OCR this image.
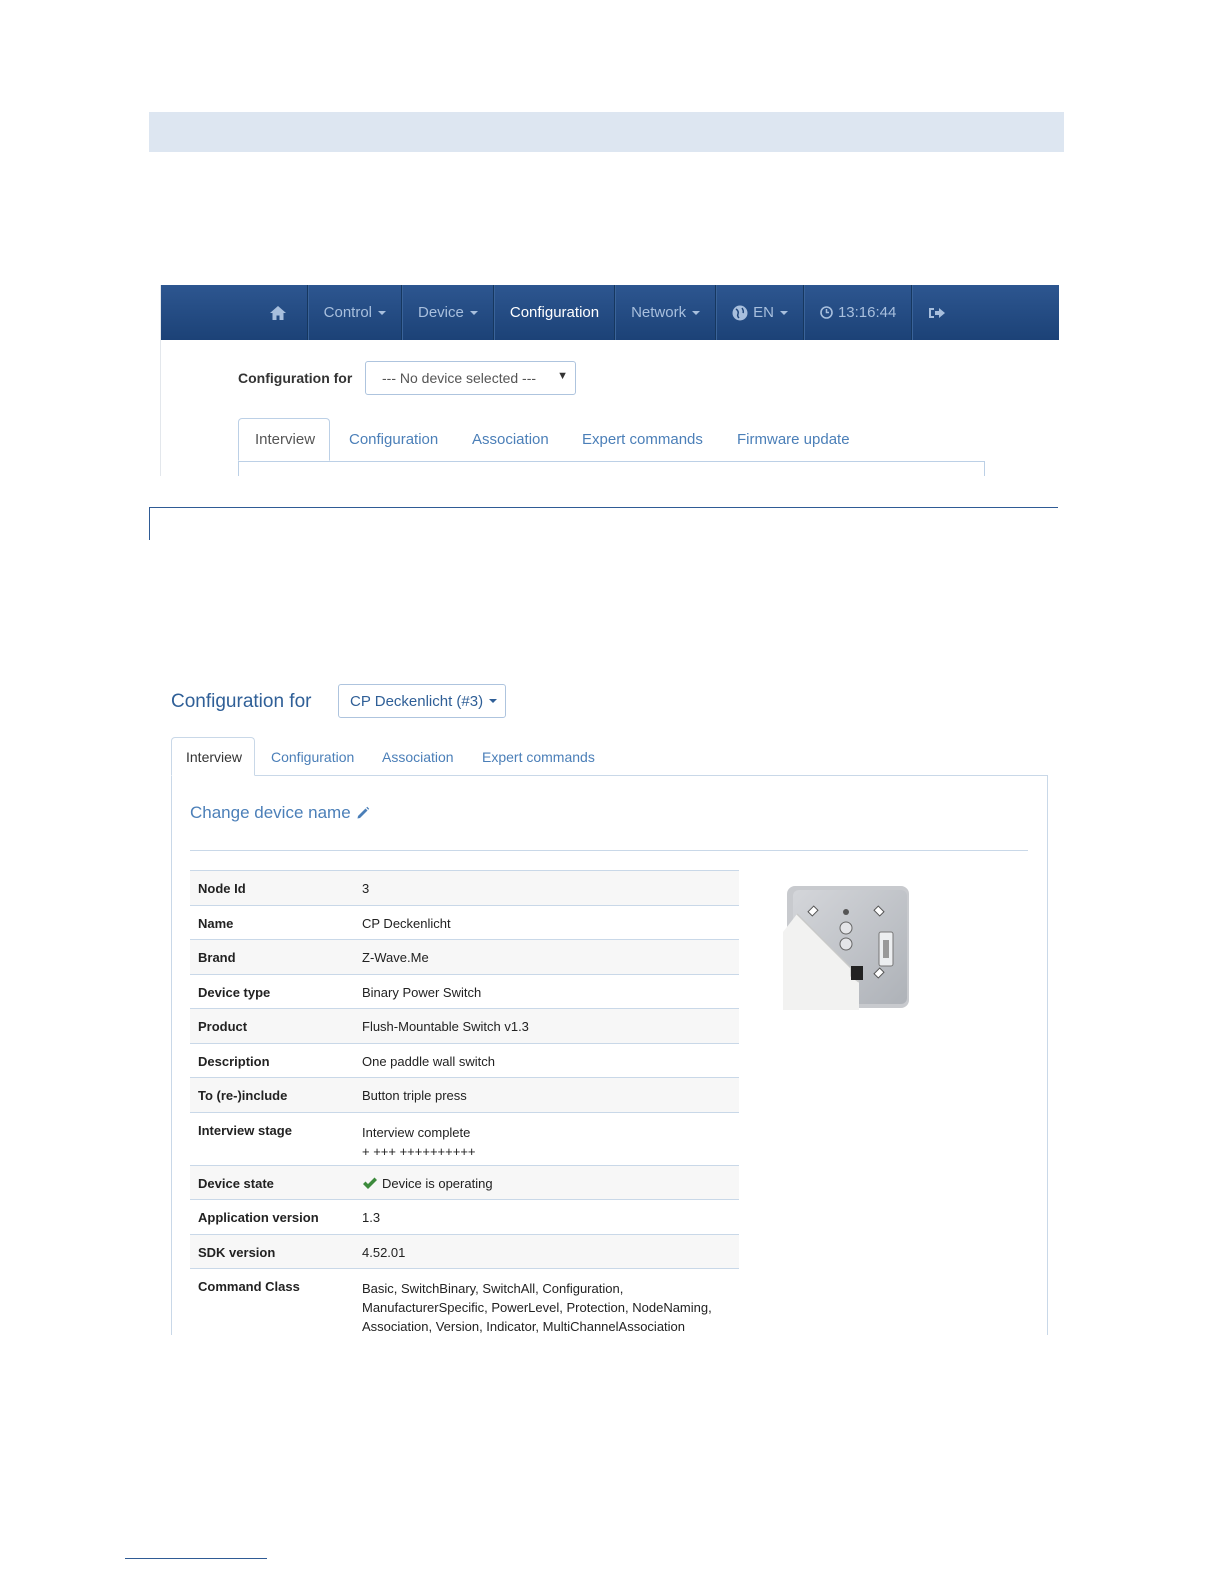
Control	Device	Configuration Network	EN	13:16:44
Configuration for --- No device selected --- ▼
Interview	Configuration Association Expert commands Firmware update
Configuration for	CP Deckenlicht (#3)
Interview	Configuration Association Expert commands
Change device name
Node Id	3
Name	CP Deckenlicht
Brand	Z-Wave.Me
Device type	Binary Power Switch
Product	Flush-Mountable Switch v1.3
Description	One paddle wall switch
To (re-)include	Button triple press
Interview stage	Interview complete
+ +++ ++++++++++

Device state	Device is operating
Application version	1.3
SDK version	4.52.01
Command Class	Basic, SwitchBinary, SwitchAll, Configuration,
ManufacturerSpecific, PowerLevel, Protection, NodeNaming,
Association, Version, Indicator, MultiChannelAssociation
